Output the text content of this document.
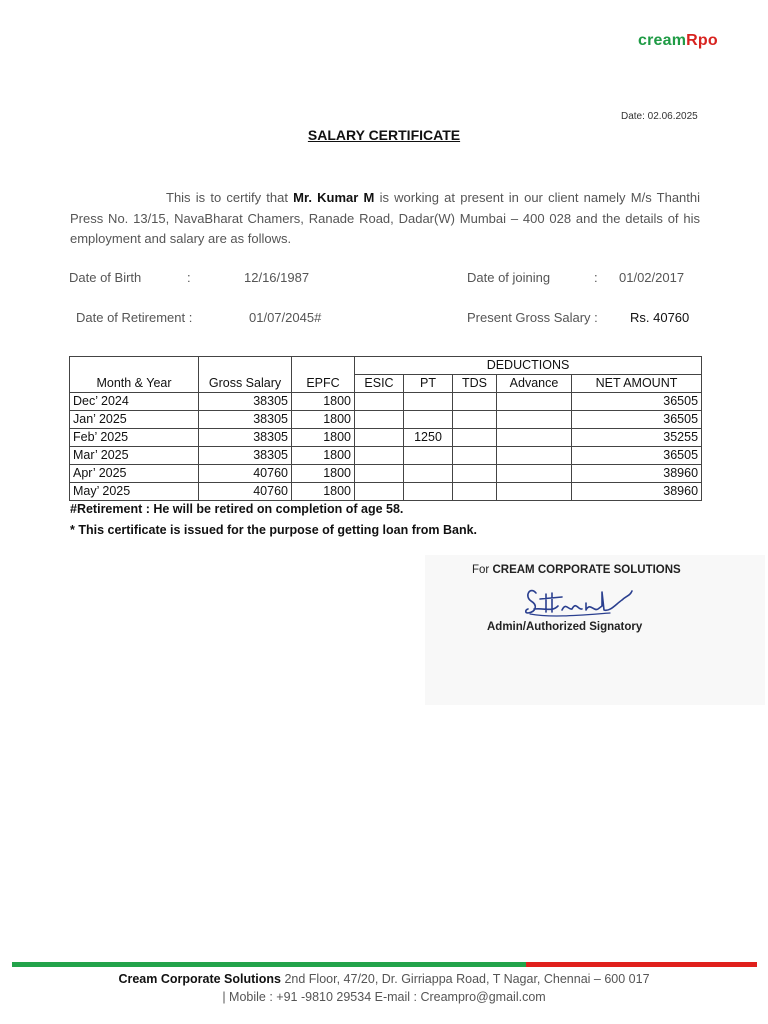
creamRpo
Date: 02.06.2025
SALARY CERTIFICATE
This is to certify that Mr. Kumar M is working at present in our client namely M/s Thanthi Press No. 13/15, NavaBharat Chamers, Ranade Road, Dadar(W) Mumbai – 400 028 and the details of his employment and salary are as follows.
Date of Birth	:	12/16/1987	Date of joining	: 01/02/2017
Date of Retirement :	01/07/2045#	Present Gross Salary : Rs. 40760
			DEDUCTIONS				
Month & Year	Gross Salary	EPFC	ESIC	PT	TDS	Advance	NET AMOUNT
Dec’ 2024	38305	1800					36505
Jan’ 2025	38305	1800					36505
Feb’ 2025	38305	1800		1250			35255
Mar’ 2025	38305	1800					36505
Apr’ 2025	40760	1800					38960
May’ 2025	40760	1800					38960
#Retirement : He will be retired on completion of age 58.
* This certificate is issued for the purpose of getting loan from Bank.
For CREAM CORPORATE SOLUTIONS
Admin/Authorized Signatory
Cream Corporate Solutions 2nd Floor, 47/20, Dr. Girriappa Road, T Nagar, Chennai – 600 017
| Mobile : +91 -9810 29534 E-mail : Creampro@gmail.com
